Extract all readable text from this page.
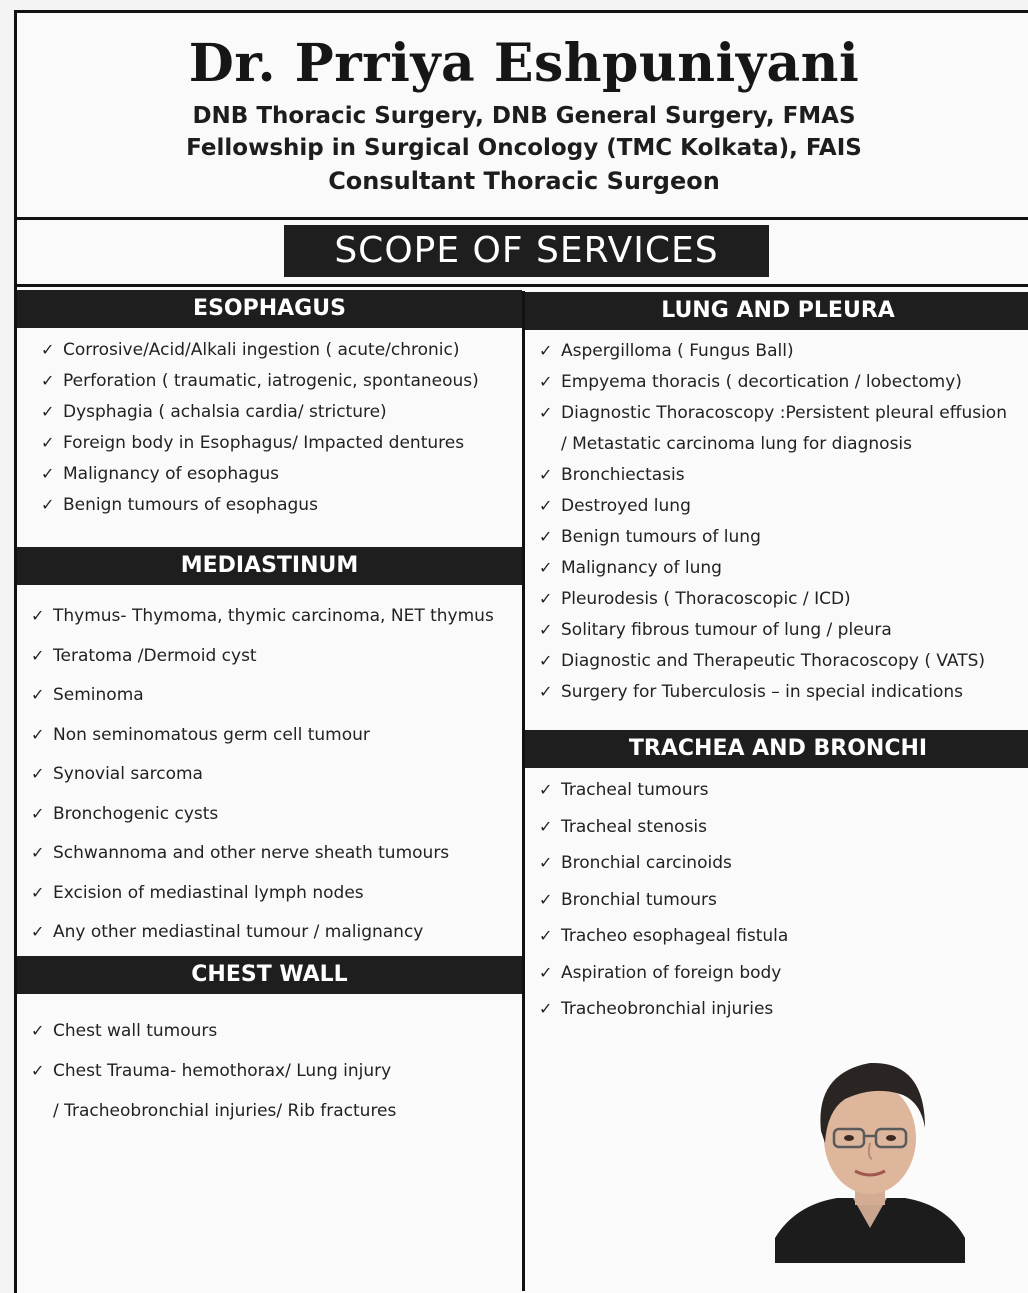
Dr. Prriya Eshpuniyani
DNB Thoracic Surgery, DNB General Surgery, FMAS
Fellowship in Surgical Oncology (TMC Kolkata), FAIS
Consultant Thoracic Surgeon
SCOPE OF SERVICES
ESOPHAGUS
✓ Corrosive/Acid/Alkali ingestion ( acute/chronic)
✓ Perforation ( traumatic, iatrogenic, spontaneous)
✓ Dysphagia ( achalsia cardia/ stricture)
✓ Foreign body in Esophagus/ Impacted dentures
✓ Malignancy of esophagus
✓ Benign tumours of esophagus
MEDIASTINUM
✓ Thymus- Thymoma, thymic carcinoma, NET thymus
✓ Teratoma /Dermoid cyst
✓ Seminoma
✓ Non seminomatous germ cell tumour
✓ Synovial sarcoma
✓ Bronchogenic cysts
✓ Schwannoma and other nerve sheath tumours
✓ Excision of mediastinal lymph nodes
✓ Any other mediastinal tumour / malignancy
CHEST WALL
✓ Chest wall tumours
✓ Chest Trauma- hemothorax/ Lung injury
/ Tracheobronchial injuries/ Rib fractures
LUNG AND PLEURA
✓ Aspergilloma ( Fungus Ball)
✓ Empyema thoracis ( decortication / lobectomy)
✓ Diagnostic Thoracoscopy :Persistent pleural effusion
/ Metastatic carcinoma lung for diagnosis
✓ Bronchiectasis
✓ Destroyed lung
✓ Benign tumours of lung
✓ Malignancy of lung
✓ Pleurodesis ( Thoracoscopic / ICD)
✓ Solitary fibrous tumour of lung / pleura
✓ Diagnostic and Therapeutic Thoracoscopy ( VATS)
✓ Surgery for Tuberculosis – in special indications
TRACHEA AND BRONCHI
✓ Tracheal tumours
✓ Tracheal stenosis
✓ Bronchial carcinoids
✓ Bronchial tumours
✓ Tracheo esophageal fistula
✓ Aspiration of foreign body
✓ Tracheobronchial injuries
